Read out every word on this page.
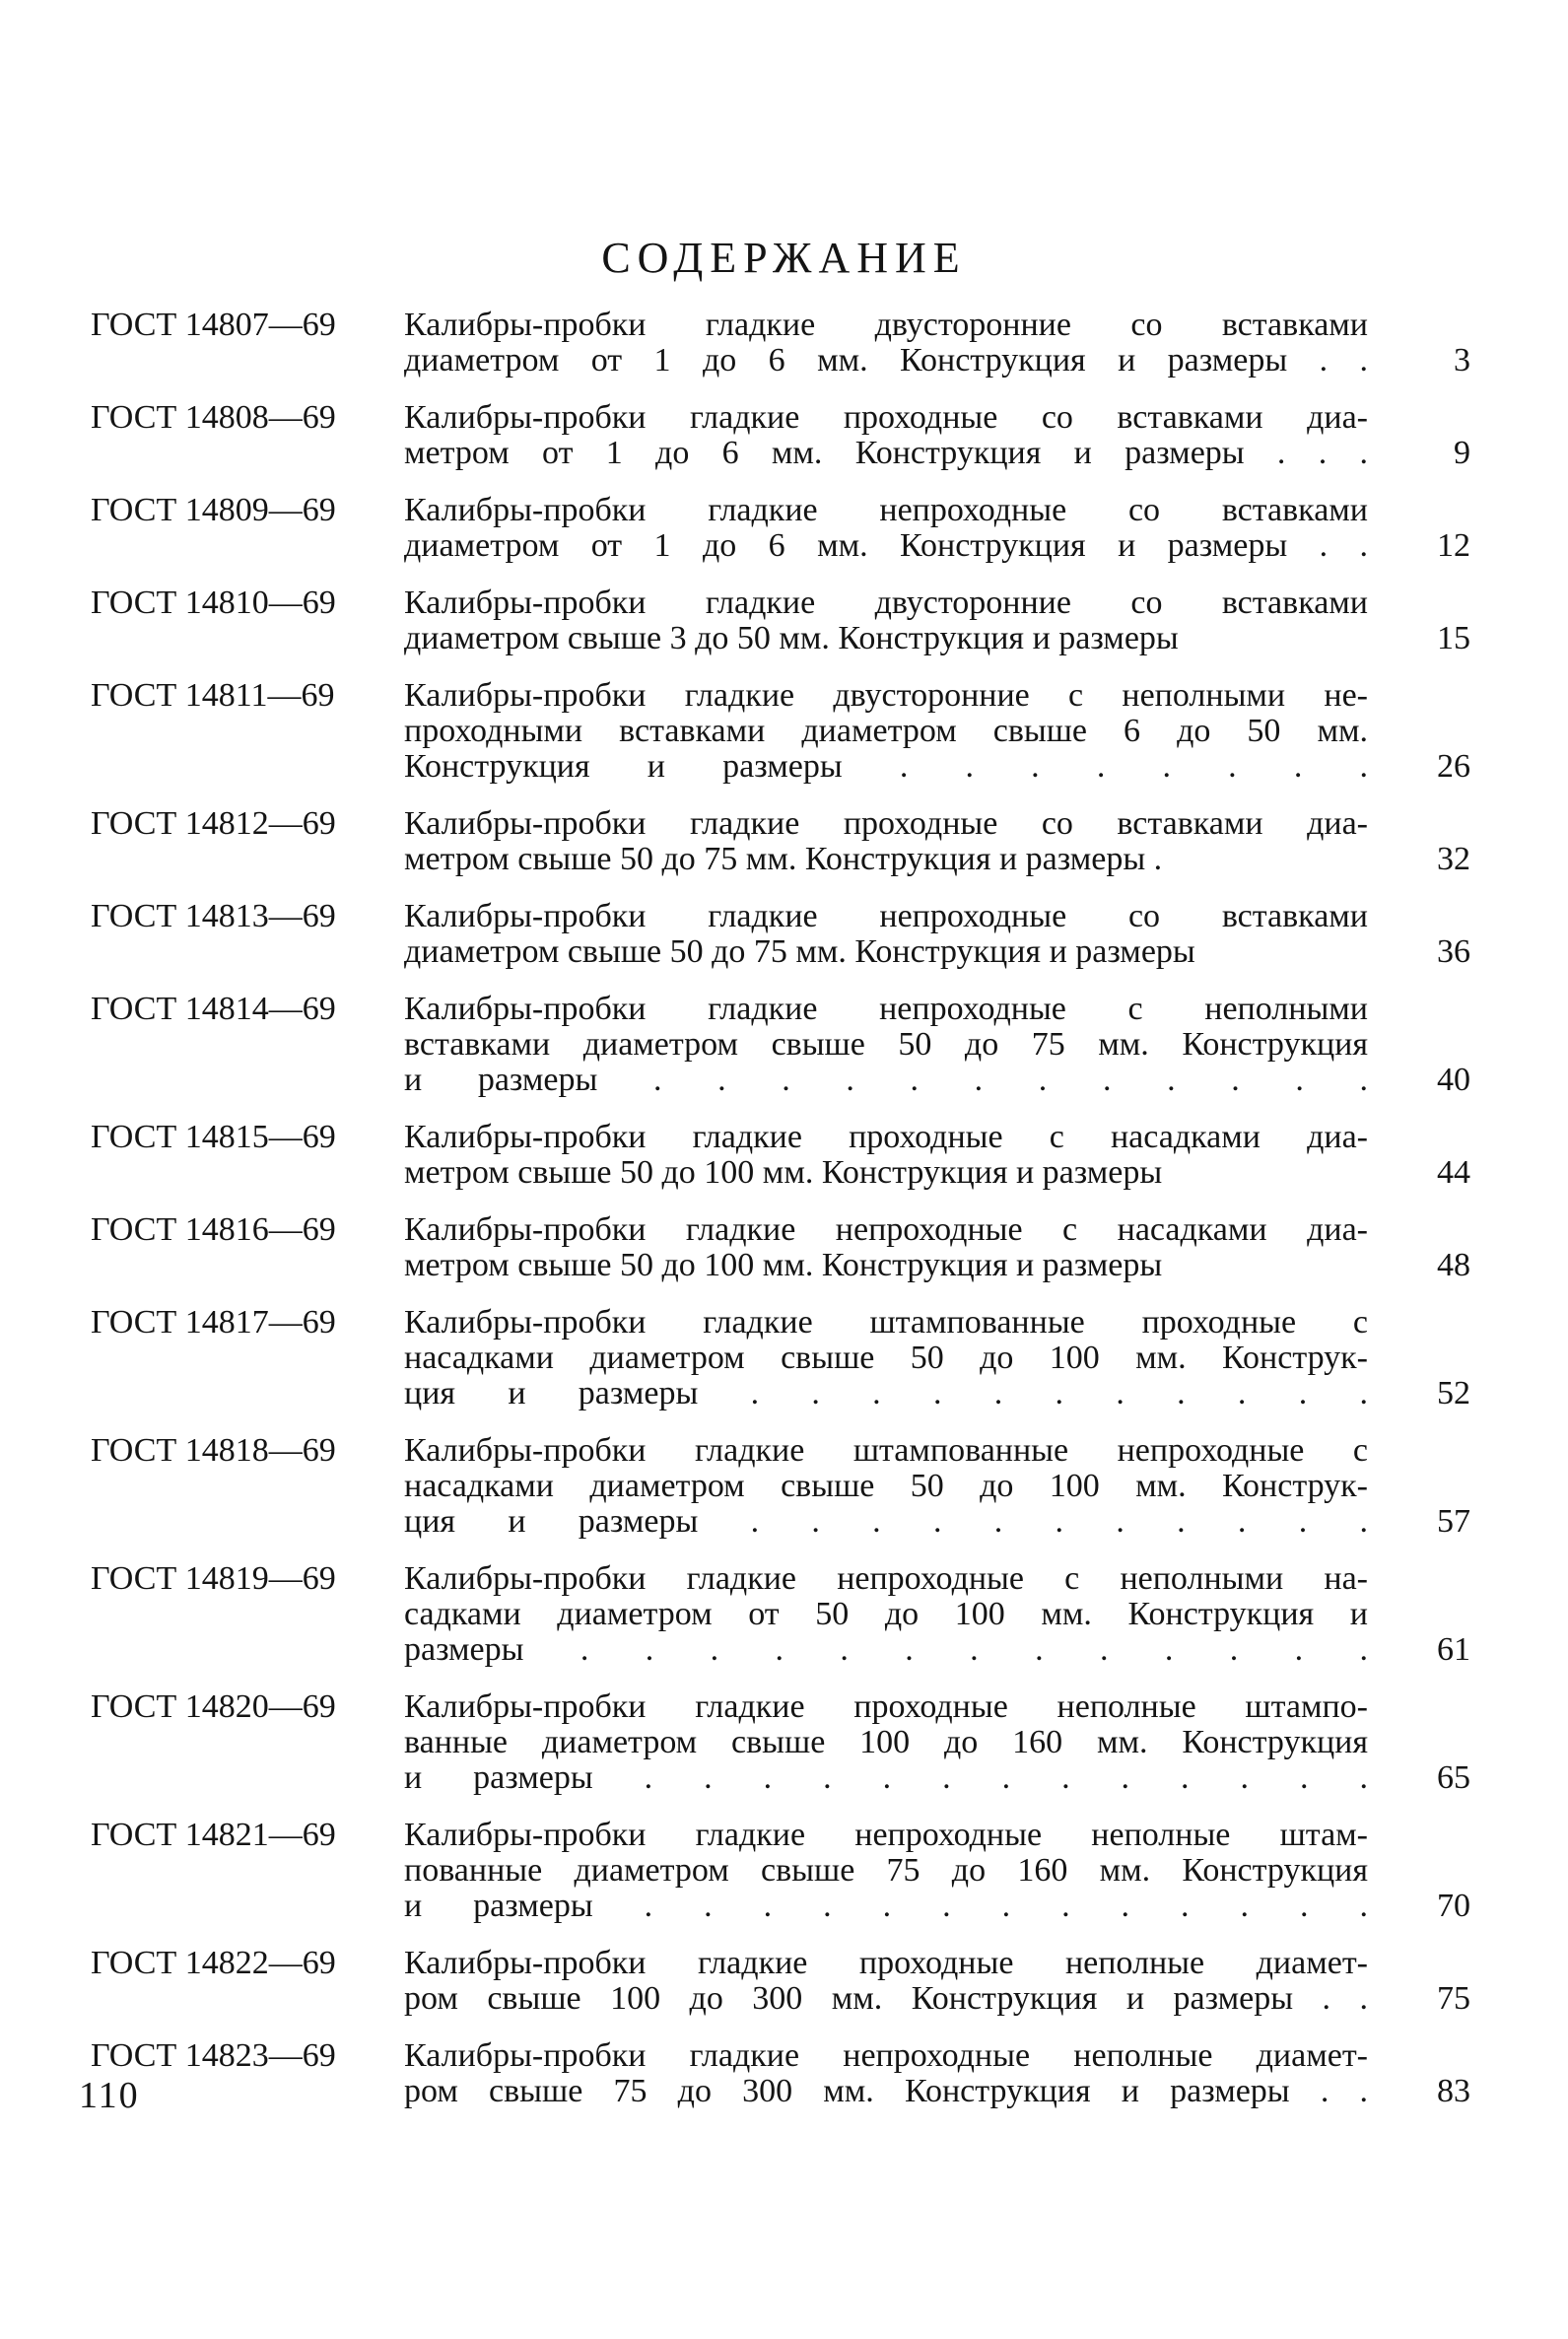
СОДЕРЖАНИЕ
ГОСТ 14807—69	Калибры-пробки гладкие двусторонние со вставками
диаметром от 1 до 6 мм. Конструкция и размеры . .	3
ГОСТ 14808—69	Калибры-пробки гладкие проходные со вставками диа-
метром от 1 до 6 мм. Конструкция и размеры . . .	9
ГОСТ 14809—69	Калибры-пробки гладкие непроходные со вставками
диаметром от 1 до 6 мм. Конструкция и размеры . .	12
ГОСТ 14810—69	Калибры-пробки гладкие двусторонние со вставками
диаметром свыше 3 до 50 мм. Конструкция и размеры	15
ГОСТ 14811—69	Калибры-пробки гладкие двусторонние с неполными не-
проходными вставками диаметром свыше 6 до 50 мм.
Конструкция и размеры . . . . . . . .	26
ГОСТ 14812—69	Калибры-пробки гладкие проходные со вставками диа-
метром свыше 50 до 75 мм. Конструкция и размеры .	32
ГОСТ 14813—69	Калибры-пробки гладкие непроходные со вставками
диаметром свыше 50 до 75 мм. Конструкция и размеры	36
ГОСТ 14814—69	Калибры-пробки гладкие непроходные с неполными
вставками диаметром свыше 50 до 75 мм. Конструкция
и размеры . . . . . . . . . . . .	40
ГОСТ 14815—69	Калибры-пробки гладкие проходные с насадками диа-
метром свыше 50 до 100 мм. Конструкция и размеры	44
ГОСТ 14816—69	Калибры-пробки гладкие непроходные с насадками диа-
метром свыше 50 до 100 мм. Конструкция и размеры	48
ГОСТ 14817—69	Калибры-пробки гладкие штампованные проходные с
насадками диаметром свыше 50 до 100 мм. Конструк-
ция и размеры . . . . . . . . . . .	52
ГОСТ 14818—69	Калибры-пробки гладкие штампованные непроходные с
насадками диаметром свыше 50 до 100 мм. Конструк-
ция и размеры . . . . . . . . . . .	57
ГОСТ 14819—69	Калибры-пробки гладкие непроходные с неполными на-
садками диаметром от 50 до 100 мм. Конструкция и
размеры . . . . . . . . . . . . .	61
ГОСТ 14820—69	Калибры-пробки гладкие проходные неполные штампо-
ванные диаметром свыше 100 до 160 мм. Конструкция
и размеры . . . . . . . . . . . . .	65
ГОСТ 14821—69	Калибры-пробки гладкие непроходные неполные штам-
пованные диаметром свыше 75 до 160 мм. Конструкция
и размеры . . . . . . . . . . . . .	70
ГОСТ 14822—69	Калибры-пробки гладкие проходные неполные диамет-
ром свыше 100 до 300 мм. Конструкция и размеры . .	75
ГОСТ 14823—69	Калибры-пробки гладкие непроходные неполные диамет-
ром свыше 75 до 300 мм. Конструкция и размеры . .	83
110
